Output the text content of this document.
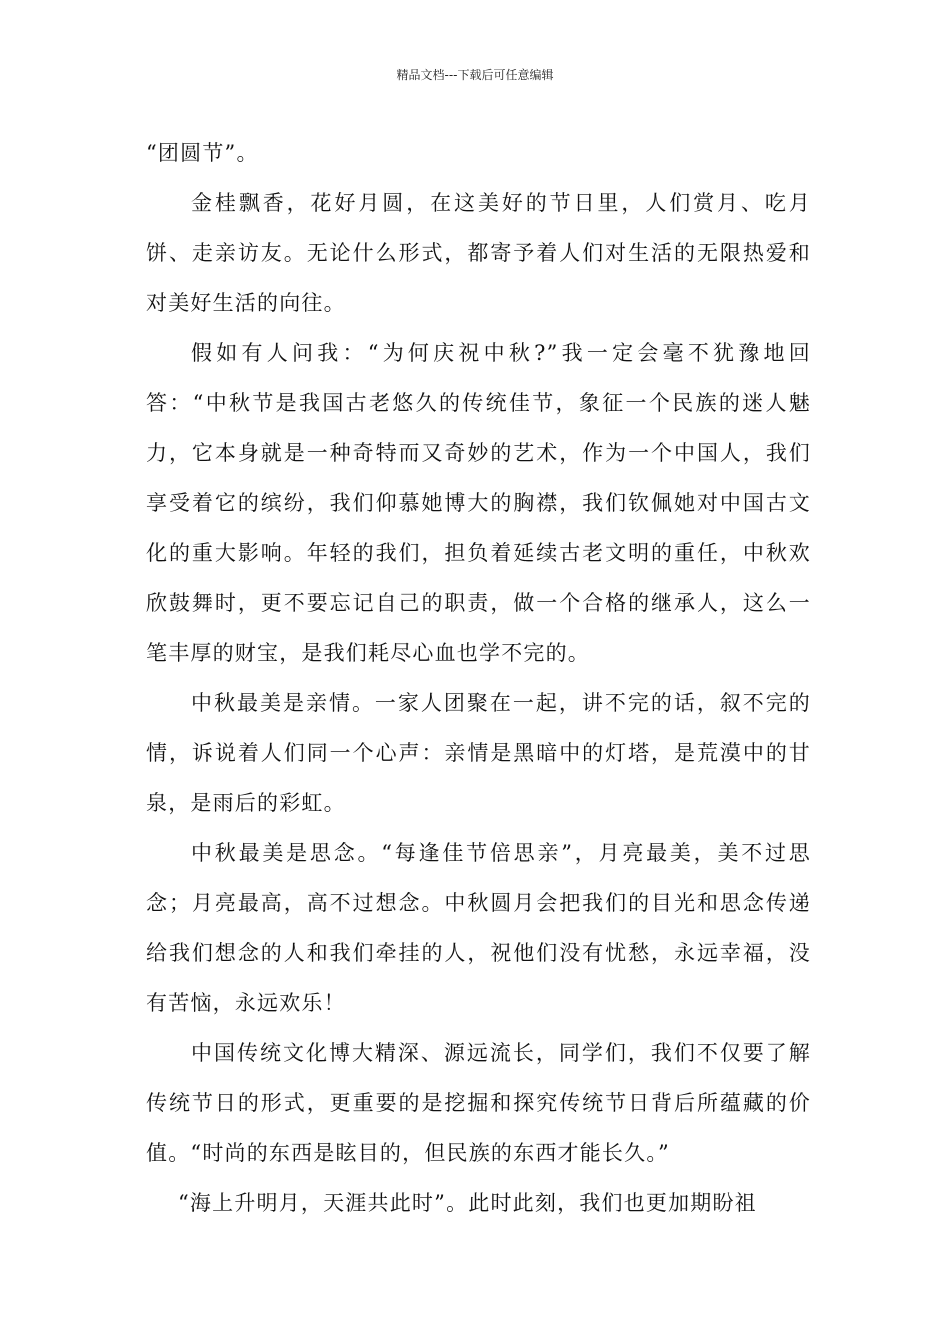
精品文档---下载后可任意编辑

“团圆节”。

金桂飘香，花好月圆，在这美好的节日里，人们赏月、吃月饼、走亲访友。无论什么形式，都寄予着人们对生活的无限热爱和对美好生活的向往。

假如有人问我：“为何庆祝中秋?”我一定会毫不犹豫地回答：“中秋节是我国古老悠久的传统佳节，象征一个民族的迷人魅力，它本身就是一种奇特而又奇妙的艺术，作为一个中国人，我们享受着它的缤纷，我们仰慕她博大的胸襟，我们钦佩她对中国古文化的重大影响。年轻的我们，担负着延续古老文明的重任，中秋欢欣鼓舞时，更不要忘记自己的职责，做一个合格的继承人，这么一笔丰厚的财宝，是我们耗尽心血也学不完的。

中秋最美是亲情。一家人团聚在一起，讲不完的话，叙不完的情，诉说着人们同一个心声：亲情是黑暗中的灯塔，是荒漠中的甘泉，是雨后的彩虹。

中秋最美是思念。“每逢佳节倍思亲”，月亮最美，美不过思念；月亮最高，高不过想念。中秋圆月会把我们的目光和思念传递给我们想念的人和我们牵挂的人，祝他们没有忧愁，永远幸福，没有苦恼，永远欢乐！

中国传统文化博大精深、源远流长，同学们，我们不仅要了解传统节日的形式，更重要的是挖掘和探究传统节日背后所蕴藏的价值。“时尚的东西是眩目的，但民族的东西才能长久。”

“海上升明月，天涯共此时”。此时此刻，我们也更加期盼祖
